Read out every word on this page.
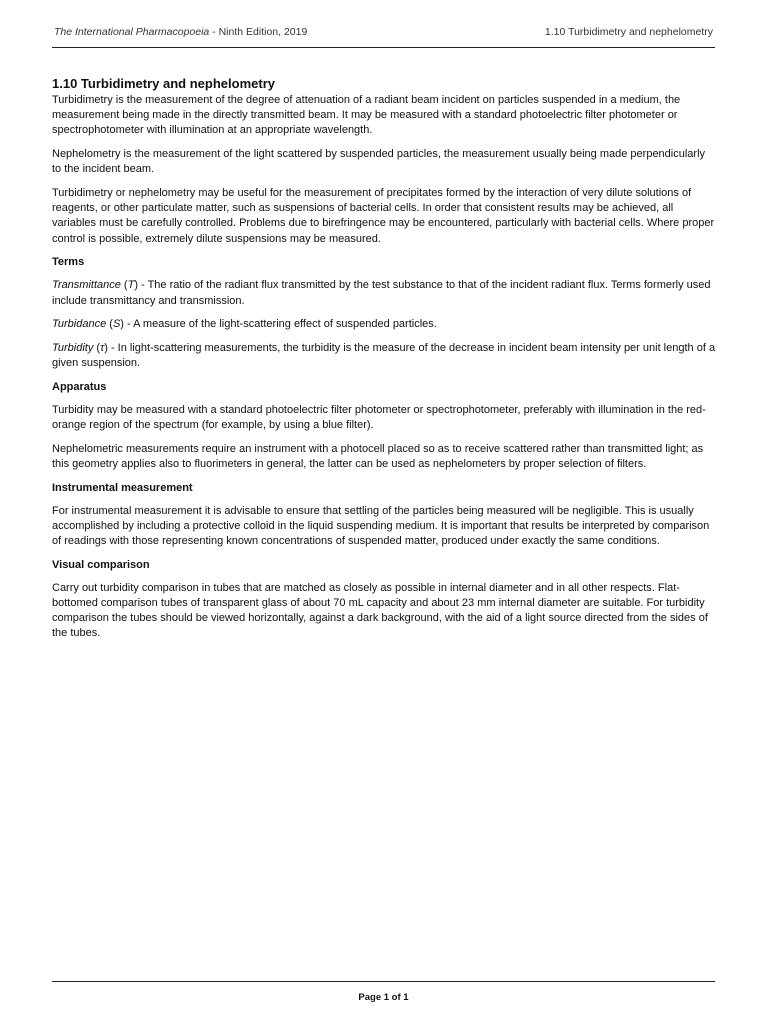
The International Pharmacopoeia - Ninth Edition, 2019	1.10 Turbidimetry and nephelometry
1.10 Turbidimetry and nephelometry

Turbidimetry is the measurement of the degree of attenuation of a radiant beam incident on particles suspended in a medium, the measurement being made in the directly transmitted beam. It may be measured with a standard photoelectric filter photometer or spectrophotometer with illumination at an appropriate wavelength.

Nephelometry is the measurement of the light scattered by suspended particles, the measurement usually being made perpendicularly to the incident beam.

Turbidimetry or nephelometry may be useful for the measurement of precipitates formed by the interaction of very dilute solutions of reagents, or other particulate matter, such as suspensions of bacterial cells. In order that consistent results may be achieved, all variables must be carefully controlled. Problems due to birefringence may be encountered, particularly with bacterial cells. Where proper control is possible, extremely dilute suspensions may be measured.

Terms

Transmittance (T) - The ratio of the radiant flux transmitted by the test substance to that of the incident radiant flux. Terms formerly used include transmittancy and transmission.

Turbidance (S) - A measure of the light-scattering effect of suspended particles.

Turbidity (τ) - In light-scattering measurements, the turbidity is the measure of the decrease in incident beam intensity per unit length of a given suspension.

Apparatus

Turbidity may be measured with a standard photoelectric filter photometer or spectrophotometer, preferably with illumination in the red-orange region of the spectrum (for example, by using a blue filter).

Nephelometric measurements require an instrument with a photocell placed so as to receive scattered rather than transmitted light; as this geometry applies also to fluorimeters in general, the latter can be used as nephelometers by proper selection of filters.

Instrumental measurement

For instrumental measurement it is advisable to ensure that settling of the particles being measured will be negligible. This is usually accomplished by including a protective colloid in the liquid suspending medium. It is important that results be interpreted by comparison of readings with those representing known concentrations of suspended matter, produced under exactly the same conditions.

Visual comparison

Carry out turbidity comparison in tubes that are matched as closely as possible in internal diameter and in all other respects. Flat-bottomed comparison tubes of transparent glass of about 70 mL capacity and about 23 mm internal diameter are suitable. For turbidity comparison the tubes should be viewed horizontally, against a dark background, with the aid of a light source directed from the sides of the tubes.

Page 1 of 1
